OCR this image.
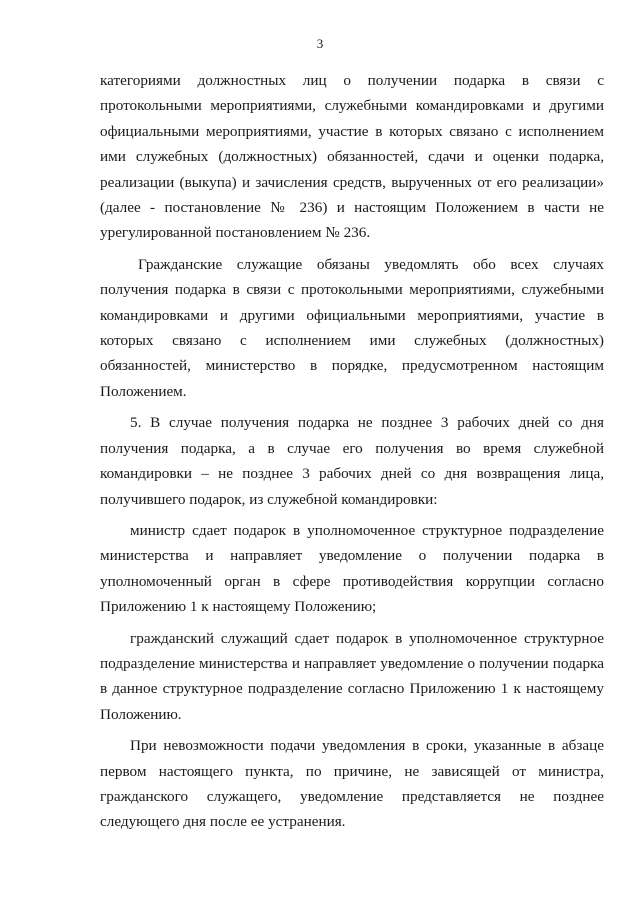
3

категориями должностных лиц о получении подарка в связи с
протокольными мероприятиями, служебными командировками и другими
официальными мероприятиями, участие в которых связано с исполнением
ими служебных (должностных) обязанностей, сдачи и оценки подарка,
реализации (выкупа) и зачисления средств, вырученных от его реализации»
(далее - постановление № 236) и настоящим Положением в части не
урегулированной постановлением № 236.

Гражданские служащие обязаны уведомлять обо всех случаях
получения подарка в связи с протокольными мероприятиями, служебными
командировками и другими официальными мероприятиями, участие в
которых связано с исполнением ими служебных (должностных)
обязанностей, министерство в порядке, предусмотренном настоящим
Положением.

5. В случае получения подарка не позднее 3 рабочих дней со дня
получения подарка, а в случае его получения во время служебной
командировки – не позднее 3 рабочих дней со дня возвращения лица,
получившего подарок, из служебной командировки:

министр сдает подарок в уполномоченное структурное подразделение
министерства и направляет уведомление о получении подарка в
уполномоченный орган в сфере противодействия коррупции согласно
Приложению 1 к настоящему Положению;

гражданский служащий сдает подарок в уполномоченное структурное
подразделение министерства и направляет уведомление о получении подарка
в данное структурное подразделение согласно Приложению 1 к настоящему
Положению.

При невозможности подачи уведомления в сроки, указанные в абзаце
первом настоящего пункта, по причине, не зависящей от министра,
гражданского служащего, уведомление представляется не позднее
следующего дня после ее устранения.
